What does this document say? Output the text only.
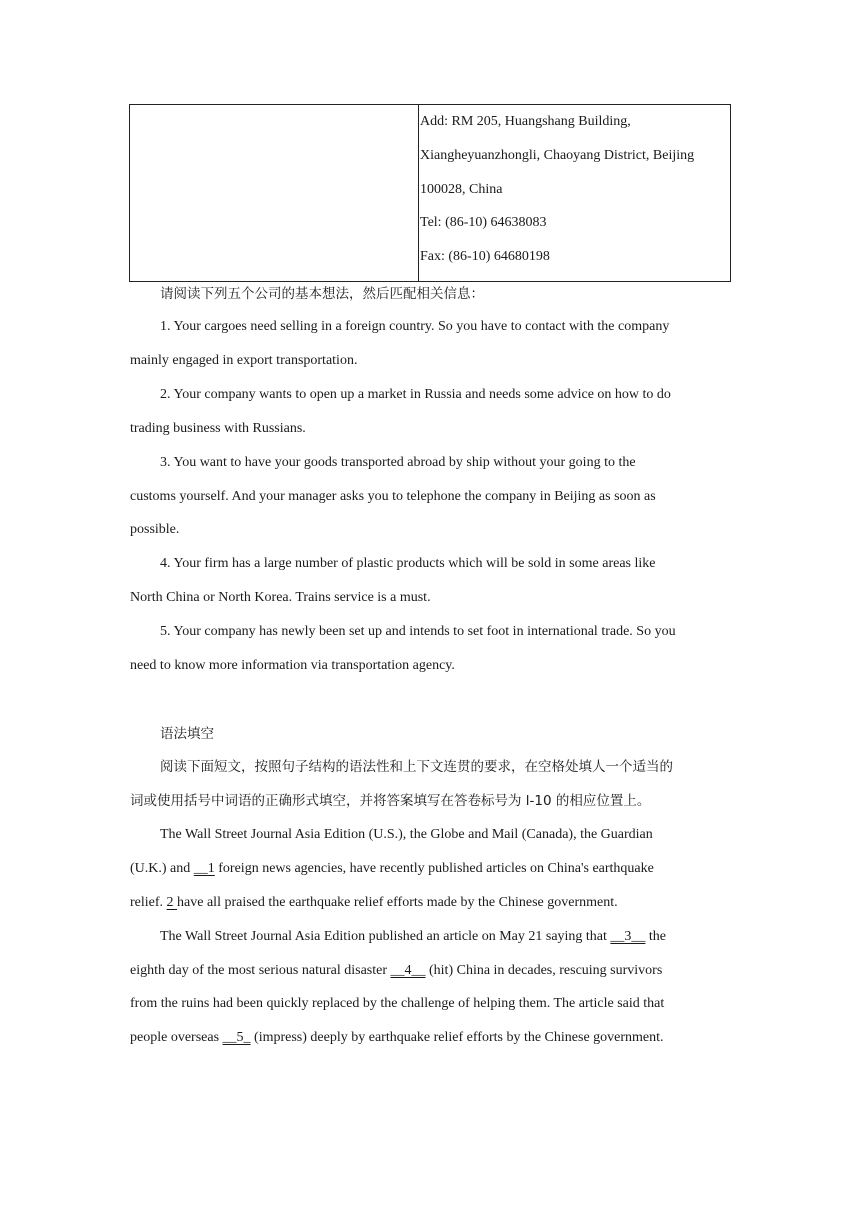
Add: RM 205, Huangshang Building,
Xiangheyuanzhongli, Chaoyang District, Beijing
100028, China
Tel: (86-10) 64638083
Fax: (86-10) 64680198
请阅读下列五个公司的基本想法，然后匹配相关信息：
1. Your cargoes need selling in a foreign country. So you have to contact with the company
mainly engaged in export transportation.
2. Your company wants to open up a market in Russia and needs some advice on how to do
trading business with Russians.
3. You want to have your goods transported abroad by ship without your going to the
customs yourself. And your manager asks you to telephone the company in Beijing as soon as
possible.
4. Your firm has a large number of plastic products which will be sold in some areas like
North China or North Korea. Trains service is a must.
5. Your company has newly been set up and intends to set foot in international trade. So you
need to know more information via transportation agency.
语法填空
阅读下面短文，按照句子结构的语法性和上下文连贯的要求，在空格处填人一个适当的
词或使用括号中词语的正确形式填空，并将答案填写在答卷标号为 l-10 的相应位置上。
The Wall Street Journal Asia Edition (U.S.), the Globe and Mail (Canada), the Guardian
(U.K.) and __1 foreign news agencies, have recently published articles on China's earthquake
relief. 2 have all praised the earthquake relief efforts made by the Chinese government.
The Wall Street Journal Asia Edition published an article on May 21 saying that __3__ the
eighth day of the most serious natural disaster __4__ (hit) China in decades, rescuing survivors
from the ruins had been quickly replaced by the challenge of helping them. The article said that
people overseas __5_ (impress) deeply by earthquake relief efforts by the Chinese government.
